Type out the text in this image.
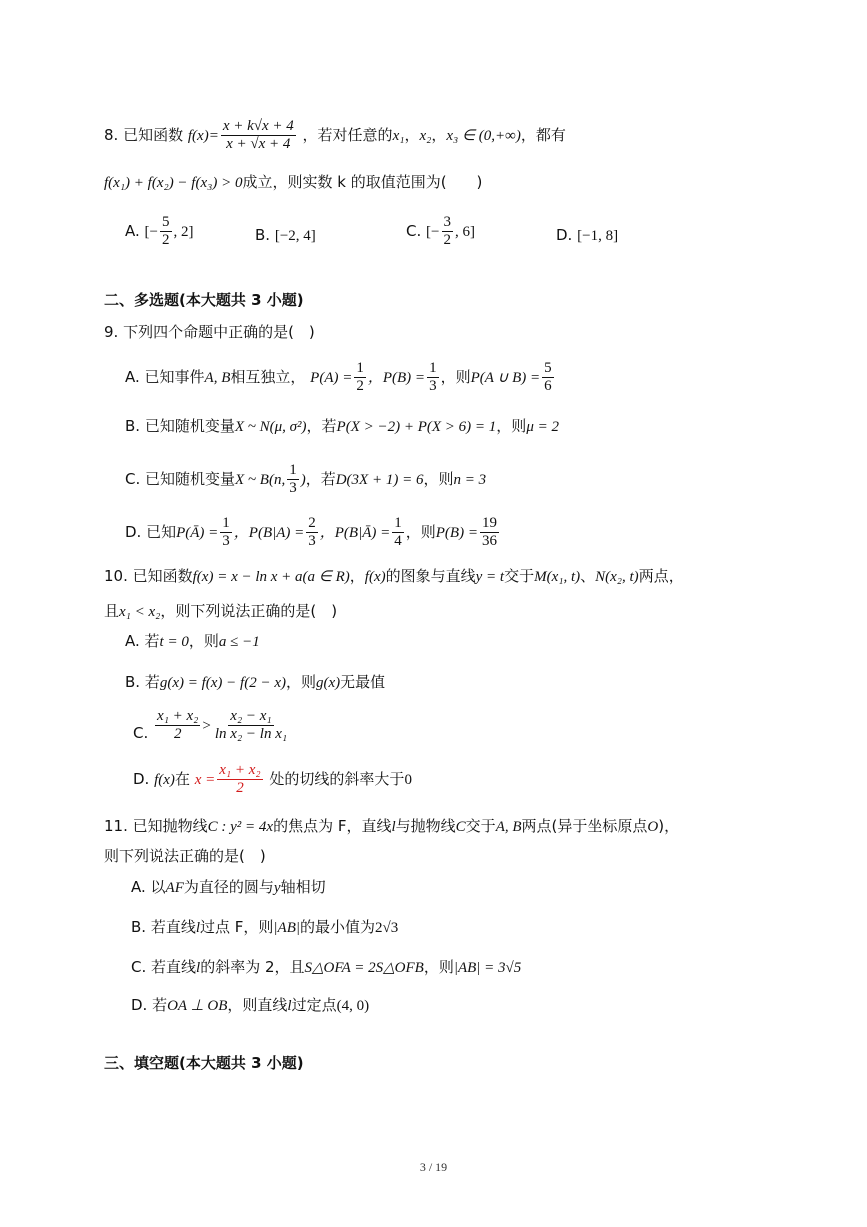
8. 已知函数 $f(x)= \frac{x + k√x + 4}{x + √x + 4}$ ，若对任意的x₁，x₂，x₃ ∈ (0,+∞)，都有
f(x₁) + f(x₂) − f(x₃) > 0成立，则实数 k 的取值范围为(　　)
A. [− $\frac{5}{2}$ , 2]	B. [−2, 4]	C. [− $\frac{3}{2}$ , 6]	D. [−1, 8]
二、多选题(本大题共 3 小题)
9. 下列四个命题中正确的是(　)
A. 已知事件A, B相互独立， $P(A) = \frac{1}{2}$ ，$P(B) = \frac{1}{3}$ ，则P(A ∪ $B) = \frac{5}{6}$
B. 已知随机变量X ~ N(μ, σ²)，若P(X > −2) + P(X > 6) = 1，则μ = 2
C. 已知随机变量X ~ B(n, $\frac{1}{3}$ )，若D(3X + 1) = 6，则n = 3
D. 已知P(Ā) = $\frac{1}{3}$ ，$P(B|A) = \frac{2}{3}$ ，P(B|Ā) = $\frac{1}{4}$ ，则$P(B) = \frac{19}{36}$
10. 已知函数f(x) = x − ln x + a(a ∈ R)，f(x)的图象与直线y = t交于M(x₁, t)、N(x₂, t)两点，
且x₁ < x₂，则下列说法正确的是(　)
A. 若t = 0，则a ≤ −1
B. 若g(x) = f(x) − f(2 − x)，则g(x)无最值
C. $\frac{\text{x₁ + x₂}}{2} > \frac{\text{x₂ − x₁}}{\text{ln x₂ − ln x₁}}$
D. f(x)在 $x = \frac{\text{x₁ + x₂}}{2}$ 处的切线的斜率大于0
11. 已知抛物线C : y² = 4x的焦点为 F，直线l与抛物线C交于A, B两点(异于坐标原点O)，
则下列说法正确的是(　)
A. 以AF为直径的圆与y轴相切
B. 若直线l过点 F，则|AB|的最小值为2√3
C. 若直线l的斜率为 2，且S△OFA = 2S△OFB，则|AB| = 3√5
D. 若OA ⊥ OB，则直线l过定点(4, 0)
三、填空题(本大题共 3 小题)
3 / 19
